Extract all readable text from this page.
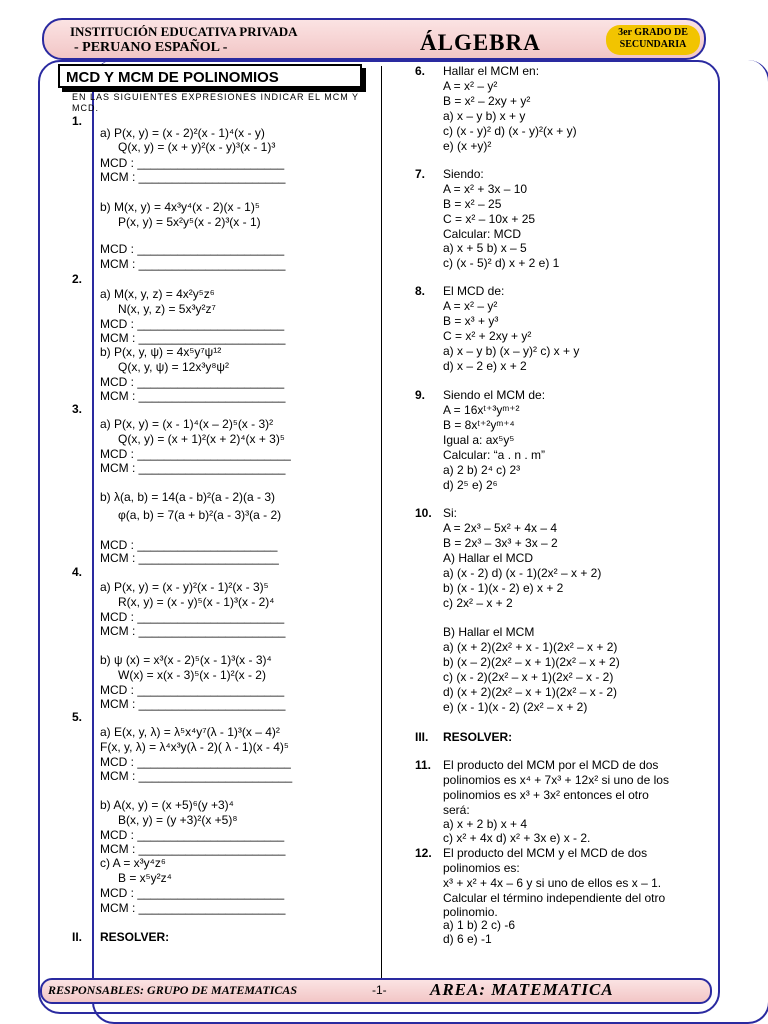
INSTITUCIÓN EDUCATIVA PRIVADA
- PERUANO ESPAÑOL -	ÁLGEBRA	3er GRADO DE SECUNDARIA
MCD Y MCM DE POLINOMIOS
EN LAS SIGUIENTES EXPRESIONES INDICAR EL MCM Y MCD.
1.
a) P(x, y) = (x - 2)²(x - 1)⁴(x - y)
Q(x, y) = (x + y)²(x - y)³(x - 1)³
MCD : ______________________
MCM : ______________________
b) M(x, y) = 4x³y⁴(x - 2)(x - 1)⁵
P(x, y) = 5x²y⁵(x - 2)³(x - 1)
MCD : ______________________
MCM : ______________________
2.
a) M(x, y, z) = 4x²y⁵z⁶
N(x, y, z) = 5x³y²z⁷
MCD : ______________________
MCM : ______________________
b) P(x, y, ψ) = 4x⁵y⁷ψ¹²
Q(x, y, ψ) = 12x³y⁸ψ²
MCD : ______________________
MCM : ______________________
3.
a) P(x, y) = (x - 1)⁴(x – 2)⁵(x - 3)²
Q(x, y) = (x + 1)²(x + 2)⁴(x + 3)⁵
MCD : _______________________
MCM : ______________________
b) λ(a, b) = 14(a - b)²(a - 2)(a - 3)
φ(a, b) = 7(a + b)²(a - 3)³(a - 2)
MCD : _____________________
MCM : _____________________
4.
a) P(x, y) = (x - y)²(x - 1)²(x - 3)⁵
R(x, y) = (x - y)⁵(x - 1)³(x - 2)⁴
MCD : ______________________
MCM : ______________________
b) ψ (x) = x³(x - 2)⁵(x - 1)³(x - 3)⁴
W(x) = x(x - 3)⁵(x - 1)²(x - 2)
MCD : ______________________
MCM : ______________________
5.
a) E(x, y, λ) = λ⁵x⁴y⁷(λ - 1)³(x – 4)²
F(x, y, λ) = λ⁴x³y(λ - 2)( λ - 1)(x - 4)⁵
MCD : _______________________
MCM : _______________________
b) A(x, y) = (x +5)⁶(y +3)⁴
B(x, y) = (y +3)²(x +5)⁸
MCD : ______________________
MCM : ______________________
c) A = x³y⁴z⁶
B = x⁵y²z⁴
MCD : ______________________
MCM : ______________________
II. RESOLVER:
6. Hallar el MCM en:
A = x² – y²
B = x² – 2xy + y²
a) x – y b) x + y
c) (x - y)² d) (x - y)²(x + y)
e) (x +y)²
7. Siendo:
A = x² + 3x – 10
B = x² – 25
C = x² – 10x + 25
Calcular: MCD
a) x + 5 b) x – 5
c) (x - 5)² d) x + 2 e) 1
8. El MCD de:
A = x² – y²
B = x³ + y³
C = x² + 2xy + y²
a) x – y b) (x – y)² c) x + y
d) x – 2 e) x + 2
9. Siendo el MCM de:
A = 16xᵗ⁺³yᵐ⁺²
B = 8xᵗ⁺²yᵐ⁺⁴
Igual a: ax⁵y⁵
Calcular: “a . n . m”
a) 2 b) 2⁴ c) 2³
d) 2⁵ e) 2⁶
10. Si:
A = 2x³ – 5x² + 4x – 4
B = 2x³ – 3x³ + 3x – 2
A) Hallar el MCD
a) (x - 2) d) (x - 1)(2x² – x + 2)
b) (x - 1)(x - 2) e) x + 2
c) 2x² – x + 2
B) Hallar el MCM
a) (x + 2)(2x² + x - 1)(2x² – x + 2)
b) (x – 2)(2x² – x + 1)(2x² – x + 2)
c) (x - 2)(2x² – x + 1)(2x² – x - 2)
d) (x + 2)(2x² – x + 1)(2x² – x - 2)
e) (x - 1)(x - 2) (2x² – x + 2)
III. RESOLVER:
11. El producto del MCM por el MCD de dos
polinomios es x⁴ + 7x³ + 12x² si uno de los
polinomios es x³ + 3x² entonces el otro
será:
a) x + 2 b) x + 4
c) x² + 4x d) x² + 3x e) x - 2.
12. El producto del MCM y el MCD de dos
polinomios es:
x³ + x² + 4x – 6 y si uno de ellos es x – 1.
Calcular el término independiente del otro
polinomio.
a) 1 b) 2 c) -6
d) 6 e) -1
RESPONSABLES: GRUPO DE MATEMATICAS	-1-	AREA: MATEMATICA
